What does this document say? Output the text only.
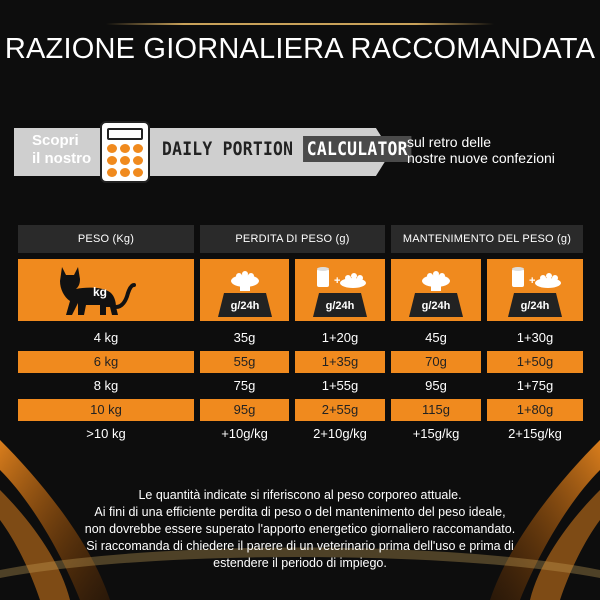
RAZIONE GIORNALIERA RACCOMANDATA
Scopri
il nostro	DAILY PORTION CALCULATOR sul retro delle
nostre nuove confezioni
PESO (Kg)	PERDITA DI PESO (g)	MANTENIMENTO DEL PESO (g)
kg
g/24h
+
g/24h	g/24h
+
g/24h
4 kg	35g	1+20g	45g	1+30g
6 kg	55g	1+35g	70g	1+50g
8 kg	75g	1+55g	95g	1+75g
10 kg	95g	2+55g	115g	1+80g
>10 kg	+10g/kg	2+10g/kg	+15g/kg	2+15g/kg
Le quantità indicate si riferiscono al peso corporeo attuale.
Ai fini di una efficiente perdita di peso o del mantenimento del peso ideale,
non dovrebbe essere superato l'apporto energetico giornaliero raccomandato.
Si raccomanda di chiedere il parere di un veterinario prima dell'uso e prima di
estendere il periodo di impiego.
